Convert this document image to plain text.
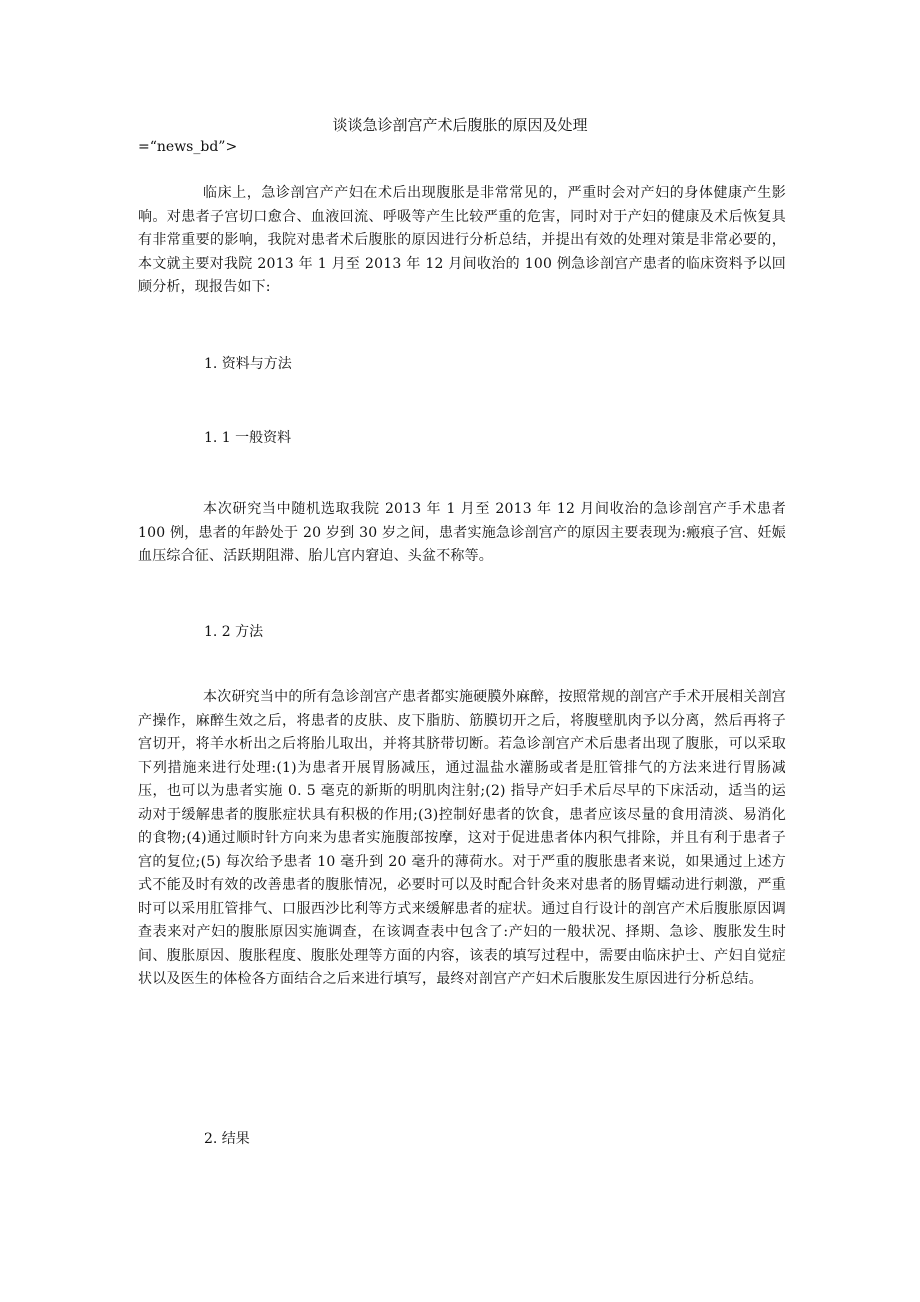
谈谈急诊剖宫产术后腹胀的原因及处理
=“news_bd”>

临床上，急诊剖宫产产妇在术后出现腹胀是非常常见的，严重时会对产妇的身体健康产生影响。对患者子宫切口愈合、血液回流、呼吸等产生比较严重的危害，同时对于产妇的健康及术后恢复具有非常重要的影响，我院对患者术后腹胀的原因进行分析总结，并提出有效的处理对策是非常必要的，本文就主要对我院 2013 年 1 月至 2013 年 12 月间收治的 100 例急诊剖宫产患者的临床资料予以回顾分析，现报告如下:

1. 资料与方法
1. 1 一般资料

本次研究当中随机选取我院 2013 年 1 月至 2013 年 12 月间收治的急诊剖宫产手术患者 100 例，患者的年龄处于 20 岁到 30 岁之间，患者实施急诊剖宫产的原因主要表现为:瘢痕子宫、妊娠血压综合征、活跃期阻滞、胎儿宫内窘迫、头盆不称等。

1. 2 方法

本次研究当中的所有急诊剖宫产患者都实施硬膜外麻醉，按照常规的剖宫产手术开展相关剖宫产操作，麻醉生效之后，将患者的皮肤、皮下脂肪、筋膜切开之后，将腹壁肌肉予以分离，然后再将子宫切开，将羊水析出之后将胎儿取出，并将其脐带切断。若急诊剖宫产术后患者出现了腹胀，可以采取下列措施来进行处理:(1)为患者开展胃肠减压，通过温盐水灌肠或者是肛管排气的方法来进行胃肠减压，也可以为患者实施 0. 5 毫克的新斯的明肌肉注射;(2) 指导产妇手术后尽早的下床活动，适当的运动对于缓解患者的腹胀症状具有积极的作用;(3)控制好患者的饮食，患者应该尽量的食用清淡、易消化的食物;(4)通过顺时针方向来为患者实施腹部按摩，这对于促进患者体内积气排除，并且有利于患者子宫的复位;(5) 每次给予患者 10 毫升到 20 毫升的薄荷水。对于严重的腹胀患者来说，如果通过上述方式不能及时有效的改善患者的腹胀情况，必要时可以及时配合针灸来对患者的肠胃蠕动进行刺激，严重时可以采用肛管排气、口服西沙比利等方式来缓解患者的症状。通过自行设计的剖宫产术后腹胀原因调查表来对产妇的腹胀原因实施调查，在该调查表中包含了:产妇的一般状况、择期、急诊、腹胀发生时间、腹胀原因、腹胀程度、腹胀处理等方面的内容，该表的填写过程中，需要由临床护士、产妇自觉症状以及医生的体检各方面结合之后来进行填写，最终对剖宫产产妇术后腹胀发生原因进行分析总结。

2. 结果
